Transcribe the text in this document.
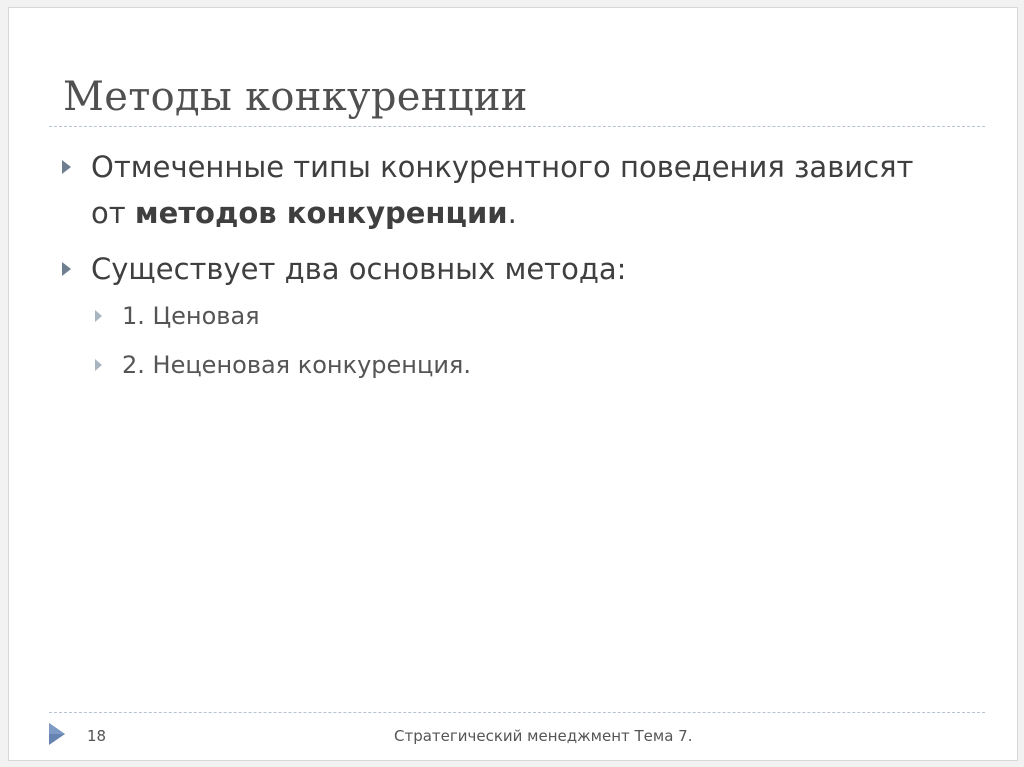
Методы конкуренции
Отмеченные типы конкурентного поведения зависят
от методов конкуренции.
Существует два основных метода:
1. Ценовая
2. Неценовая конкуренция.
18	Стратегический менеджмент Тема 7.
